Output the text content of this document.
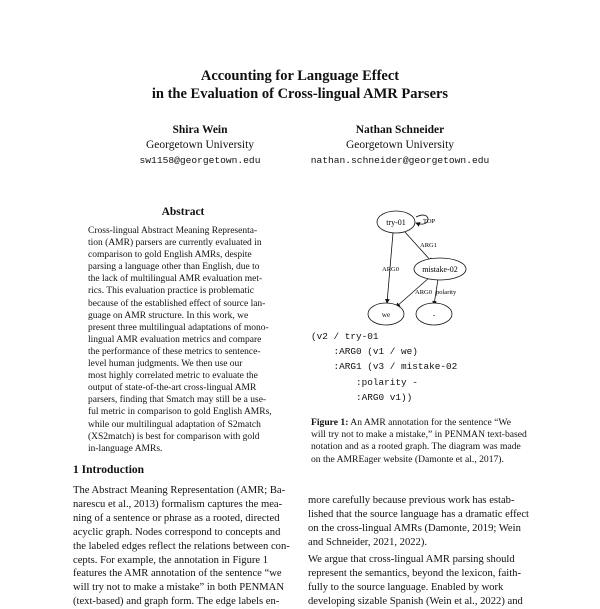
Accounting for Language Effect
in the Evaluation of Cross-lingual AMR Parsers
Shira Wein
Georgetown University
sw1158@georgetown.edu
Nathan Schneider
Georgetown University
nathan.schneider@georgetown.edu
Abstract
Cross-lingual Abstract Meaning Representa-
tion (AMR) parsers are currently evaluated in
comparison to gold English AMRs, despite
parsing a language other than English, due to
the lack of multilingual AMR evaluation met-
rics. This evaluation practice is problematic
because of the established effect of source lan-
guage on AMR structure. In this work, we
present three multilingual adaptations of mono-
lingual AMR evaluation metrics and compare
the performance of these metrics to sentence-
level human judgments. We then use our
most highly correlated metric to evaluate the
output of state-of-the-art cross-lingual AMR
parsers, finding that Smatch may still be a use-
ful metric in comparison to gold English AMRs,
while our multilingual adaptation of S2match
(XS2match) is best for comparison with gold
in-language AMRs.
1 Introduction
The Abstract Meaning Representation (AMR; Ba-
narescu et al., 2013) formalism captures the mea-
ning of a sentence or phrase as a rooted, directed
acyclic graph. Nodes correspond to concepts and
the labeled edges reflect the relations between con-
cepts. For example, the annotation in Figure 1
features the AMR annotation of the sentence “we
will try not to make a mistake” in both PENMAN
(text-based) and graph form. The edge labels en-
more carefully because previous work has estab-
lished that the source language has a dramatic effect
on the cross-lingual AMRs (Damonte, 2019; Wein
and Schneider, 2021, 2022).
We argue that cross-lingual AMR parsing should
represent the semantics, beyond the lexicon, faith-
fully to the source language. Enabled by work
developing sizable Spanish (Wein et al., 2022) and
try-01
mistake-02
we	-
TOP
ARG1
ARG0
ARG0 polarity
(v2 / try-01
:ARG0 (v1 / we)
:ARG1 (v3 / mistake-02
:polarity -
:ARG0 v1))
Figure 1: An AMR annotation for the sentence “We
will try not to make a mistake,” in PENMAN text-based
notation and as a rooted graph. The diagram was made
on the AMREager website (Damonte et al., 2017).
